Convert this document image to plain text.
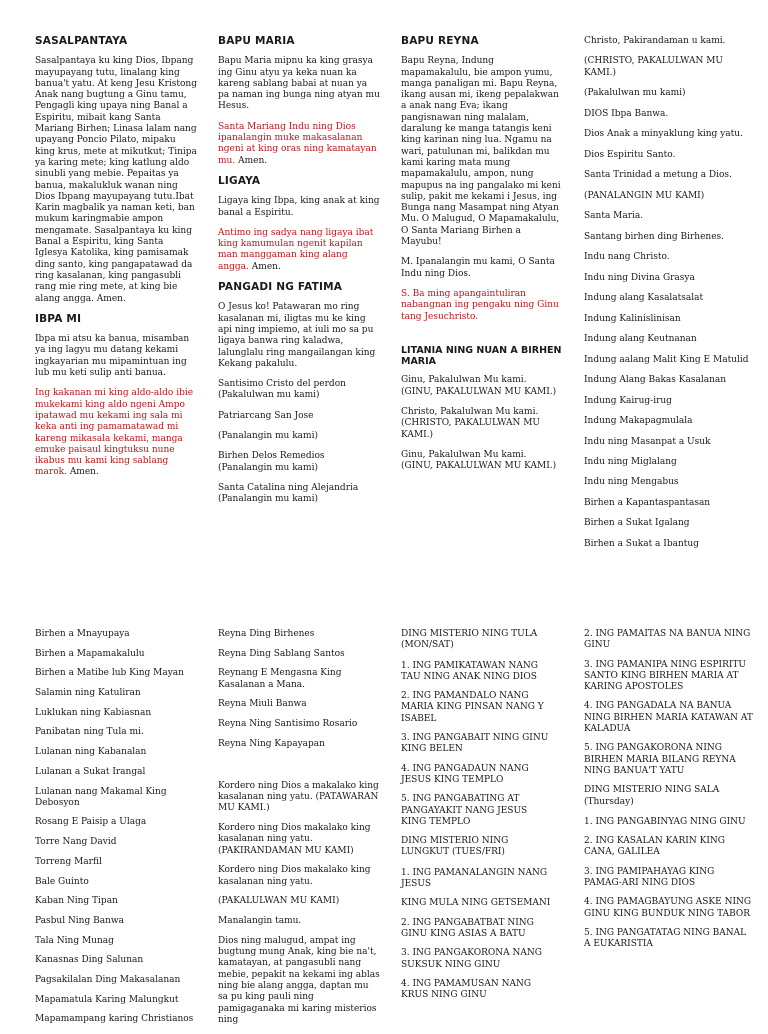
SASALPANTAYA

Sasalpantaya ku king Dios, Ibpang mayupayang tutu, linalang king banua't yatu. At keng Jesu Kristong Anak nang bugtung a Ginu tamu, Pengagli king upaya ning Banal a Espiritu, mibait kang Santa Mariang Birhen; Linasa lalam nang upayang Poncio Pilato, mipaku king krus, mete at mikutkut; Tinipa ya karing mete; king katlung aldo sinubli yang mebie. Pepaitas ya banua, makalukluk wanan ning Dios Ibpang mayupayang tutu.Ibat Karin magbalik ya naman keti, ban mukum karingmabie ampon mengamate. Sasalpantaya ku king Banal a Espiritu, king Santa Iglesya Katolika, king pamisamak ding santo, king pangapatawad da ring kasalanan, king pangasubli rang mie ring mete, at king bie alang angga. Amen.

IBPA MI

Ibpa mi atsu ka banua, misamban ya ing lagyu mu datang kekami ingkayarian mu mipamintuan ing lub mu keti sulip anti banua.

Ing kakanan mi king aldo-aldo ibie mukekami king aldo ngeni Ampo ipatawad mu kekami ing sala mi keka anti ing pamamatawad mi kareng mikasala kekami, manga emuke paisaul kingtuksu nune ikabus mu kami king sablang marok. Amen.

BAPU MARIA

Bapu Maria mipnu ka king grasya ing Ginu atyu ya keka nuan ka kareng sablang babai at nuan ya pa naman ing bunga ning atyan mu Hesus.

Santa Mariang Indu ning Dios ipanalangin muke makasalanan ngeni at king oras ning kamatayan mu. Amen.

LIGAYA

Ligaya king Ibpa, king anak at king banal a Espiritu.

Antimo ing sadya nang ligaya ibat king kamumulan ngenit kapilan man manggaman king alang angga. Amen.

PANGADI NG FATIMA

O Jesus ko! Patawaran mo ring kasalanan mi, iligtas mu ke king api ning impiemo, at iuli mo sa pu ligaya banwa ring kaladwa, lalunglalu ring mangailangan king Kekang pakalulu.

Santisimo Cristo del perdon
(Pakalulwan mu kami)

Patriarcang San Jose

(Panalangin mu kami)

Birhen Delos Remedios
(Panalangin mu kami)

Santa Catalina ning Alejandria
(Panalangin mu kami)

BAPU REYNA

Bapu Reyna, Indung mapamakalulu, bie ampon yumu, manga panaligan mi. Bapu Reyna, ikang ausan mi, ikeng pepalakwan a anak nang Eva; ikang pangisnawan ning malalam, daralung ke manga tatangis keni king karinan ning lua. Ngamu na wari, patulunan mi, balikdan mu kami karing mata mung mapamakalulu, ampon, nung mapupus na ing pangalako mi keni sulip, pakit me kekami i Jesus, ing Bunga nang Masampat ning Atyan Mu. O Malugud, O Mapamakalulu, O Santa Mariang Birhen a Mayubu!

M. Ipanalangin mu kami, O Santa Indu ning Dios.

S. Ba ming apangaintuliran nabangnan ing pengaku ning Ginu tang Jesuchristo.

LITANIA NING NUAN A BIRHEN MARIA

Ginu, Pakalulwan Mu kami.
(GINU, PAKALULWAN MU KAMI.)

Christo, Pakalulwan Mu kami.
(CHRISTO, PAKALULWAN MU KAMI.)

Ginu, Pakalulwan Mu kami.
(GINU, PAKALULWAN MU KAMI.)

Christo, Pakirandaman u kami.
(CHRISTO, PAKALULWAN MU KAMI.)
(Pakalulwan mu kami)
DIOS Ibpa Banwa.
Dios Anak a minyaklung king yatu.
Dios Espiritu Santo.
Santa Trinidad a metung a Dios.
(PANALANGIN MU KAMI)
Santa Maria.
Santang birhen ding Birhenes.
Indu nang Christo.
Indu ning Divina Grasya
Indung alang Kasalatsalat
Indung Kalinislinisan
Indung alang Keutnanan
Indung aalang Malit King E Matulid
Indung Alang Bakas Kasalanan
Indung Kairug-irug
Indung Makapagmulala
Indu ning Masanpat a Usuk
Indu ning Miglalang
Indu ning Mengabus
Birhen a Kapantaspantasan
Birhen a Sukat Igalang
Birhen a Sukat a Ibantug
Birhen a Mnayupaya
Birhen a Mapamakalulu
Birhen a Matibe lub King Mayan
Salamin ning Katuliran
Luklukan ning Kabiasnan
Panibatan ning Tula mi.
Lulanan ning Kabanalan
Lulanan a Sukat Irangal
Lulanan nang Makamal King Debosyon
Rosang E Paisip a Ulaga
Torre Nang David
Torreng Marfil
Bale Guinto
Kaban Ning Tipan
Pasbul Ning Banwa
Tala Ning Munag
Kanasnas Ding Salunan
Pagsakilalan Ding Makasalanan
Mapamatula Karing Malungkut
Mapamampang karing Christianos
Reyna Ding Birhenes
Reyna Ding Sablang Santos
Reynang E Mengasna King Kasalanan a Mana.
Reyna Miuli Banwa
Reyna Ning Santisimo Rosario
Reyna Ning Kapayapan
Kordero ning Dios a makalako king kasalanan ning yatu. (PATAWARAN MU KAMI.)
Kordero ning Dios makalako king kasalanan ning yatu. (PAKIRANDAMAN MU KAMI)
Kordero ning Dios makalako king kasalanan ning yatu.
(PAKALULWAN MU KAMI)
Manalangin tamu.
Dios ning malugud, ampat ing bugtung mung Anak, king bie na't, kamatayan, at pangasubli nang mebie, pepakit na kekami ing ablas ning bie alang angga, daptan mu sa pu king pauli ning pamigaganaka mi karing misterios ning
DING MISTERIO NING TULA (MON/SAT)
1. ING PAMIKATAWAN NANG TAU NING ANAK NING DIOS
2. ING PAMANDALO NANG MARIA KING PINSAN NANG Y ISABEL
3. ING PANGABAIT NING GINU KING BELEN
4. ING PANGADAUN NANG JESUS KING TEMPLO
5. ING PANGABATING AT PANGAYAKIT NANG JESUS KING TEMPLO
DING MISTERIO NING LUNGKUT (TUES/FRI)
1. ING PAMANALANGIN NANG JESUS
KING MULA NING GETSEMANI
2. ING PANGABATBAT NING GINU KING ASIAS A BATU
3. ING PANGAKORONA NANG SUKSUK NING GINU
4. ING PAMAMUSAN NANG KRUS NING GINU
2. ING PAMAITAS NA BANUA NING GINU
3. ING PAMANIPA NING ESPIRITU SANTO KING BIRHEN MARIA AT KARING APOSTOLES
4. ING PANGADALA NA BANUA NING BIRHEN MARIA KATAWAN AT KALADUA
5. ING PANGAKORONA NING BIRHEN MARIA BILANG REYNA NING BANUA'T YATU
DING MISTERIO NING SALA (Thursday)
1. ING PANGABINYAG NING GINU
2. ING KASALAN KARIN KING CANA, GALILEA
3. ING PAMIPAHAYAG KING PAMAG-ARI NING DIOS
4. ING PAMAGBAYUNG ASKE NING GINU KING BUNDUK NING TABOR
5. ING PANGATATAG NING BANAL A EUKARISTIA
